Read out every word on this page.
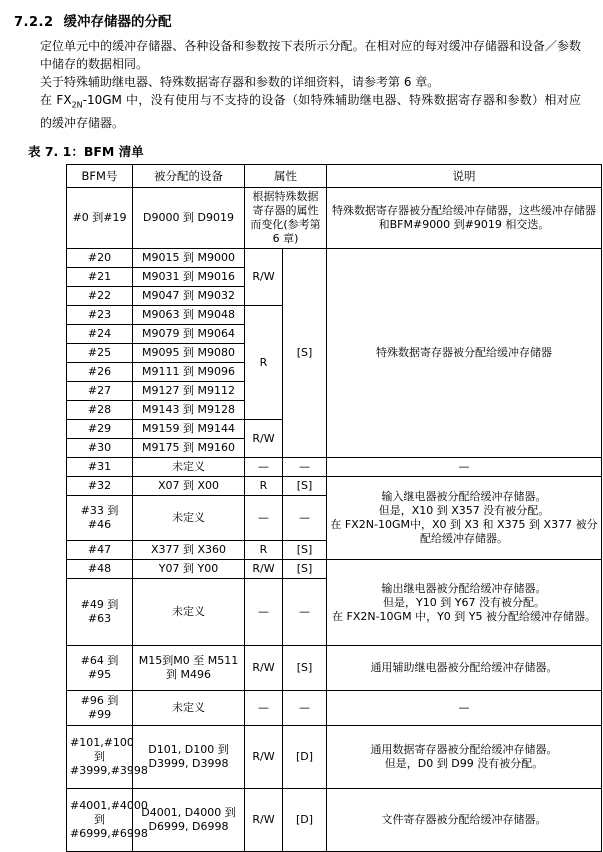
7.2.2 缓冲存储器的分配

定位单元中的缓冲存储器、各种设备和参数按下表所示分配。在相对应的每对缓冲存储器和设备／参数中储存的数据相同。

关于特殊辅助继电器、特殊数据寄存器和参数的详细资料，请参考第 6 章。

在 $FX_{2N}-10GM$ 中，没有使用与不支持的设备（如特殊辅助继电器、特殊数据寄存器和参数）相对应的缓冲存储器。

表 7. 1：BFM 清单
BFM号	被分配的设备	属性		说明
#0 到#19	D9000 到 D9019	根据特殊数据寄存器的属性而变化(参考第 6 章)		特殊数据寄存器被分配给缓冲存储器，这些缓冲存储器和BFM#9000 到#9019 相交迭。
#20	M9015 到 M9000	R/W	[S]	特殊数据寄存器被分配给缓冲存储器
#21	M9031 到 M9016			
#22	M9047 到 M9032			
#23	M9063 到 M9048	R		
#24	M9079 到 M9064			
#25	M9095 到 M9080			
#26	M9111 到 M9096			
#27	M9127 到 M9112			
#28	M9143 到 M9128			
#29	M9159 到 M9144	R/W		
#30	M9175 到 M9160			
#31	未定义	—	—	—
#32	X07 到 X00	R	[S]	输入继电器被分配给缓冲存储器。
但是，X10 到 X357 没有被分配。
在 FX2N-10GM中，X0 到 X3 和 X375 到 X377 被分配给缓冲存储器。
#33 到#46	未定义	—	—	
#47	X377 到 X360	R	[S]	
#48	Y07 到 Y00	R/W	[S]	输出继电器被分配给缓冲存储器。
但是，Y10 到 Y67 没有被分配。
在 FX2N-10GM 中，Y0 到 Y5 被分配给缓冲存储器。
#49 到#63	未定义	—	—	
#64 到#95	M15到M0 至 M511 到 M496	R/W	[S]	通用辅助继电器被分配给缓冲存储器。
#96 到#99	未定义	—	—	—
#101,#100 到#3999,#3998	D101, D100 到 D3999, D3998	R/W	[D]	通用数据寄存器被分配给缓冲存储器。
但是，D0 到 D99 没有被分配。
#4001,#4000 到#6999,#6998	D4001, D4000 到 D6999, D6998	R/W	[D]	文件寄存器被分配给缓冲存储器。
